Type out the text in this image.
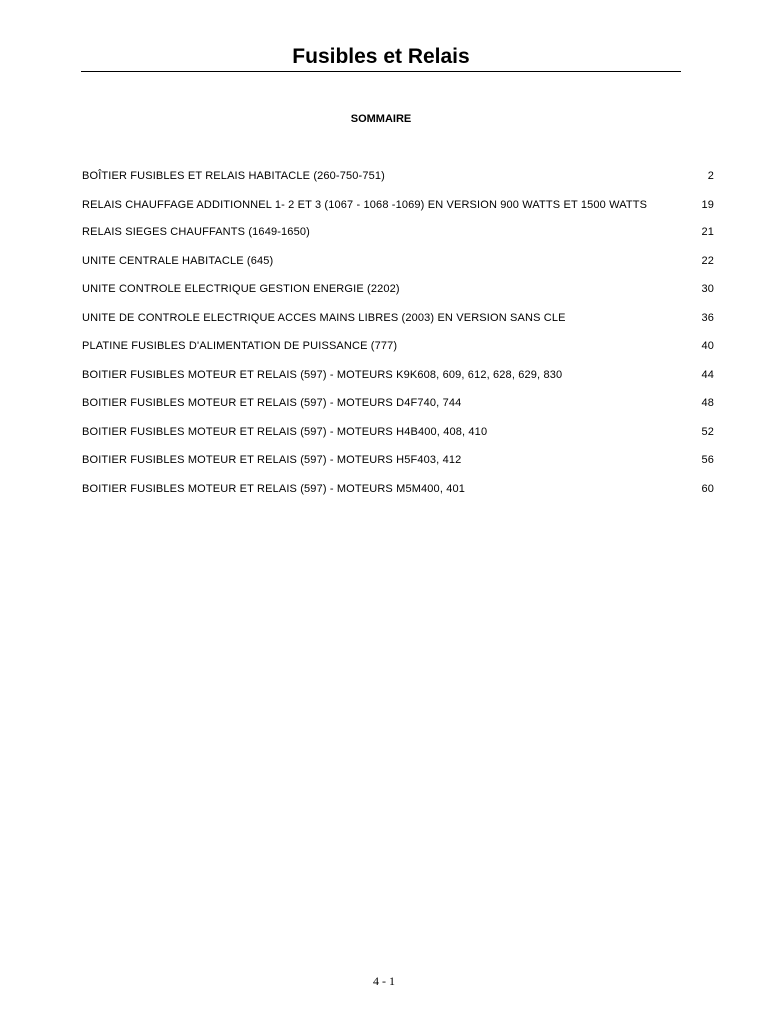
Fusibles et Relais
SOMMAIRE
BOÎTIER FUSIBLES ET RELAIS HABITACLE (260-750-751)	2
RELAIS CHAUFFAGE ADDITIONNEL 1- 2 ET 3 (1067 - 1068 -1069) EN VERSION 900 WATTS ET 1500 WATTS	19
RELAIS SIEGES CHAUFFANTS (1649-1650)	21
UNITE CENTRALE HABITACLE (645)	22
UNITE CONTROLE ELECTRIQUE GESTION ENERGIE (2202)	30
UNITE DE CONTROLE ELECTRIQUE ACCES MAINS LIBRES (2003) EN VERSION SANS CLE	36
PLATINE FUSIBLES D'ALIMENTATION DE PUISSANCE (777)	40
BOITIER FUSIBLES MOTEUR ET RELAIS (597) - MOTEURS K9K608, 609, 612, 628, 629, 830	44
BOITIER FUSIBLES MOTEUR ET RELAIS (597) - MOTEURS D4F740, 744	48
BOITIER FUSIBLES MOTEUR ET RELAIS (597) - MOTEURS H4B400, 408, 410	52
BOITIER FUSIBLES MOTEUR ET RELAIS (597) - MOTEURS H5F403, 412	56
BOITIER FUSIBLES MOTEUR ET RELAIS (597) - MOTEURS M5M400, 401	60
4 - 1
